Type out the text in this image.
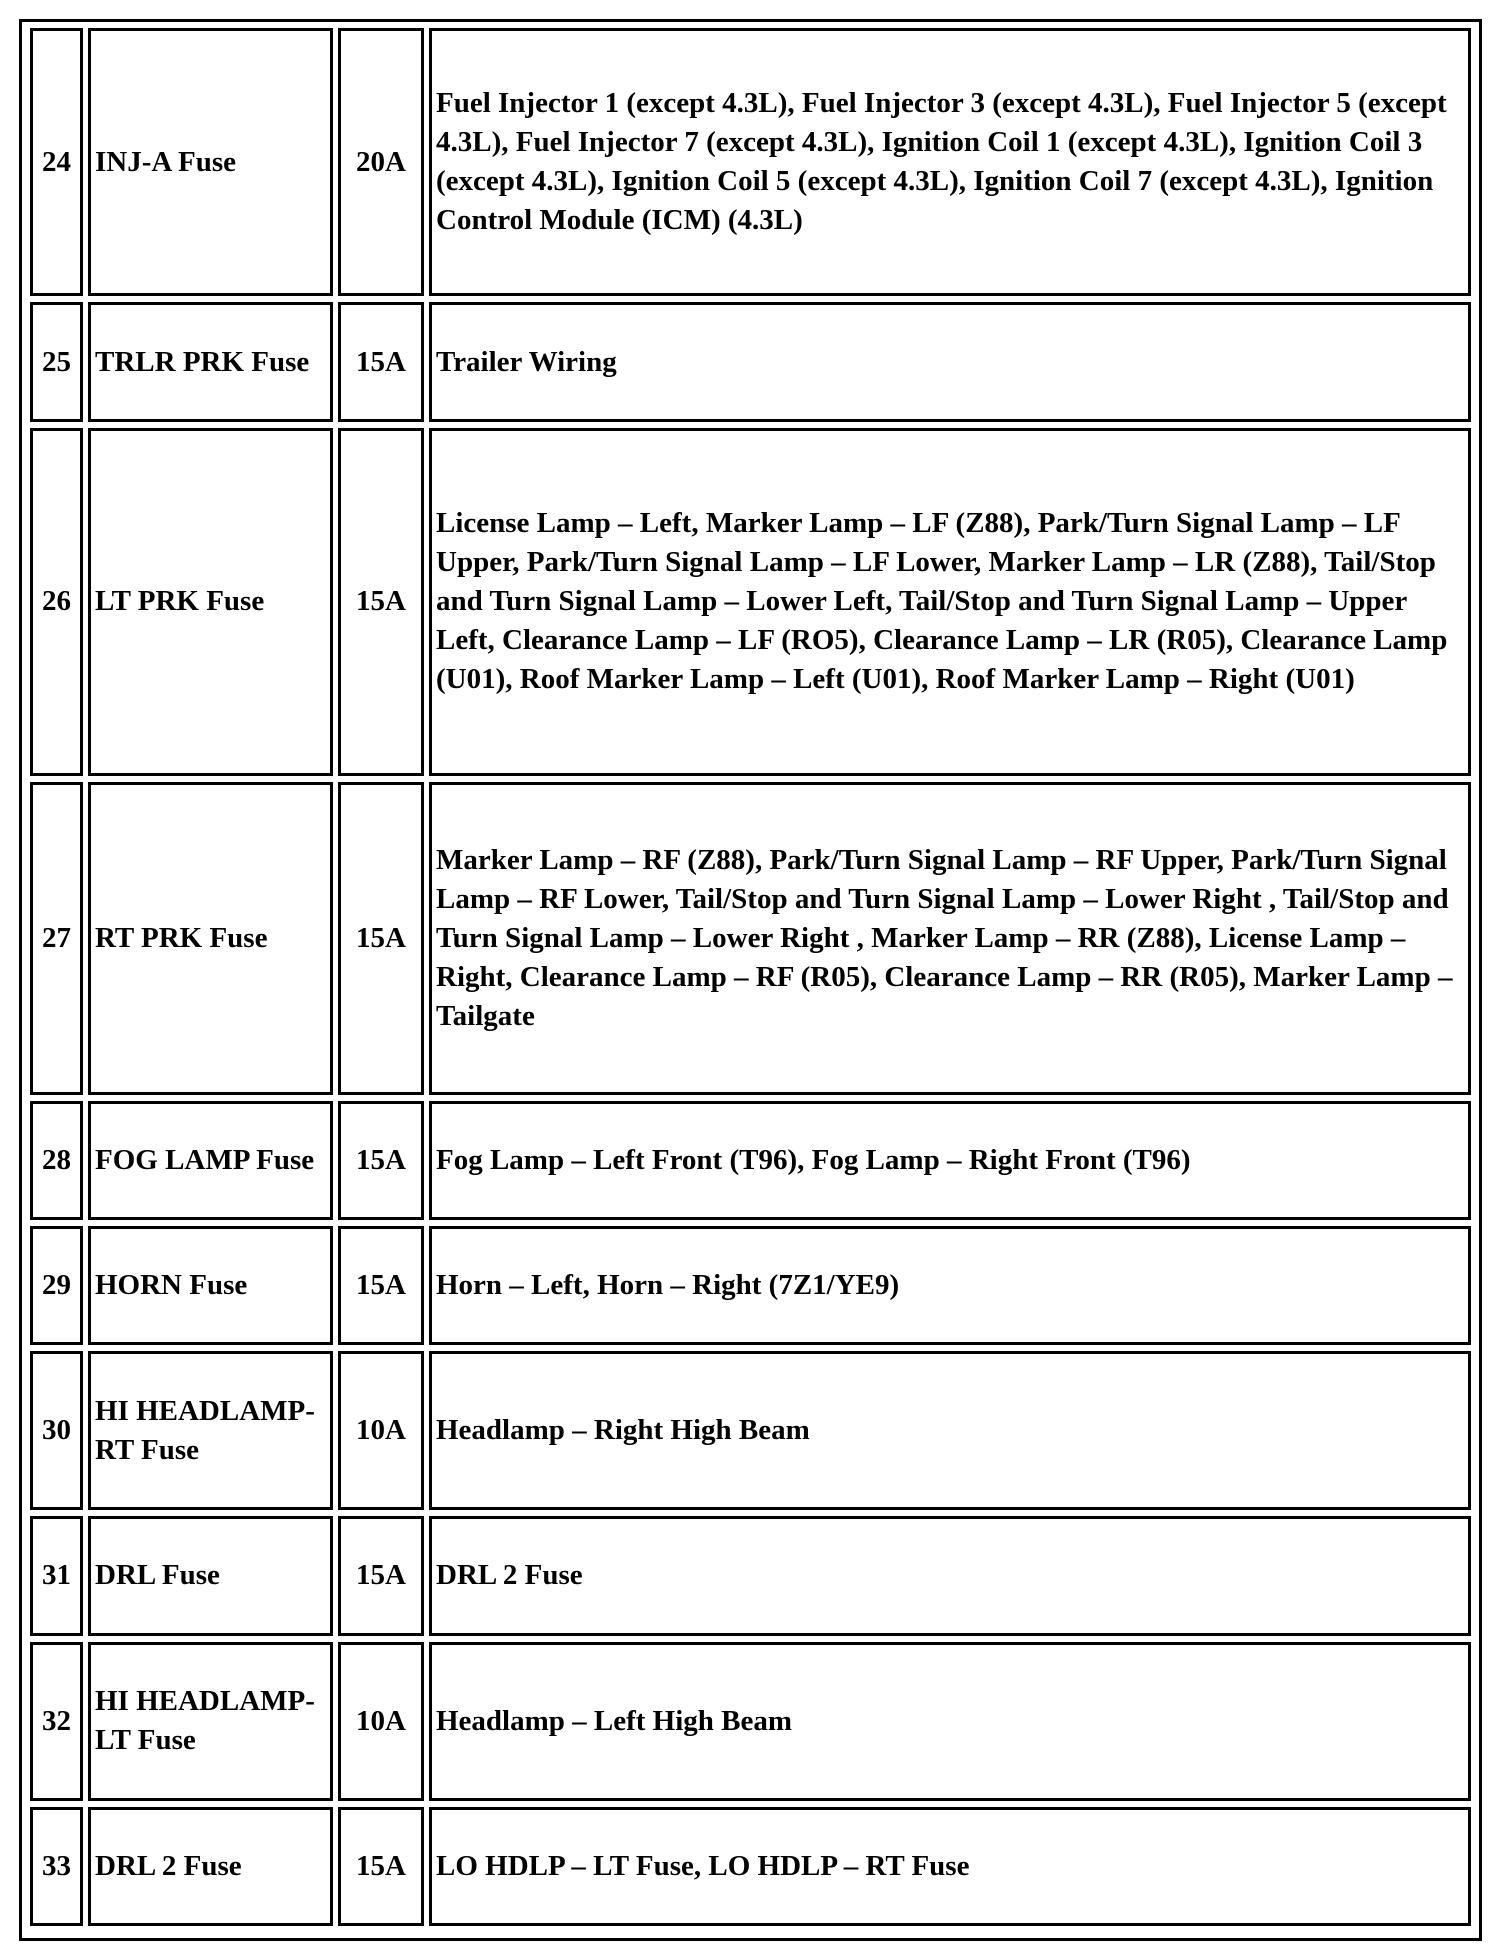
24	INJ-A Fuse	20A	Fuel Injector 1 (except 4.3L), Fuel Injector 3 (except 4.3L), Fuel Injector 5 (except 4.3L), Fuel Injector 7 (except 4.3L), Ignition Coil 1 (except 4.3L), Ignition Coil 3 (except 4.3L), Ignition Coil 5 (except 4.3L), Ignition Coil 7 (except 4.3L), Ignition Control Module (ICM) (4.3L)
25	TRLR PRK Fuse	15A	Trailer Wiring
26	LT PRK Fuse	15A	License Lamp – Left, Marker Lamp – LF (Z88), Park/Turn Signal Lamp – LF Upper, Park/Turn Signal Lamp – LF Lower, Marker Lamp – LR (Z88), Tail/Stop and Turn Signal Lamp – Lower Left, Tail/Stop and Turn Signal Lamp – Upper Left, Clearance Lamp – LF (RO5), Clearance Lamp – LR (R05), Clearance Lamp (U01), Roof Marker Lamp – Left (U01), Roof Marker Lamp – Right (U01)
27	RT PRK Fuse	15A	Marker Lamp – RF (Z88), Park/Turn Signal Lamp – RF Upper, Park/Turn Signal Lamp – RF Lower, Tail/Stop and Turn Signal Lamp – Lower Right , Tail/Stop and Turn Signal Lamp – Lower Right , Marker Lamp – RR (Z88), License Lamp – Right, Clearance Lamp – RF (R05), Clearance Lamp – RR (R05), Marker Lamp – Tailgate
28	FOG LAMP Fuse	15A	Fog Lamp – Left Front (T96), Fog Lamp – Right Front (T96)
29	HORN Fuse	15A	Horn – Left, Horn – Right (7Z1/YE9)
30	HI HEADLAMP-RT Fuse	10A	Headlamp – Right High Beam
31	DRL Fuse	15A	DRL 2 Fuse
32	HI HEADLAMP-LT Fuse	10A	Headlamp – Left High Beam
33	DRL 2 Fuse	15A	LO HDLP – LT Fuse, LO HDLP – RT Fuse
